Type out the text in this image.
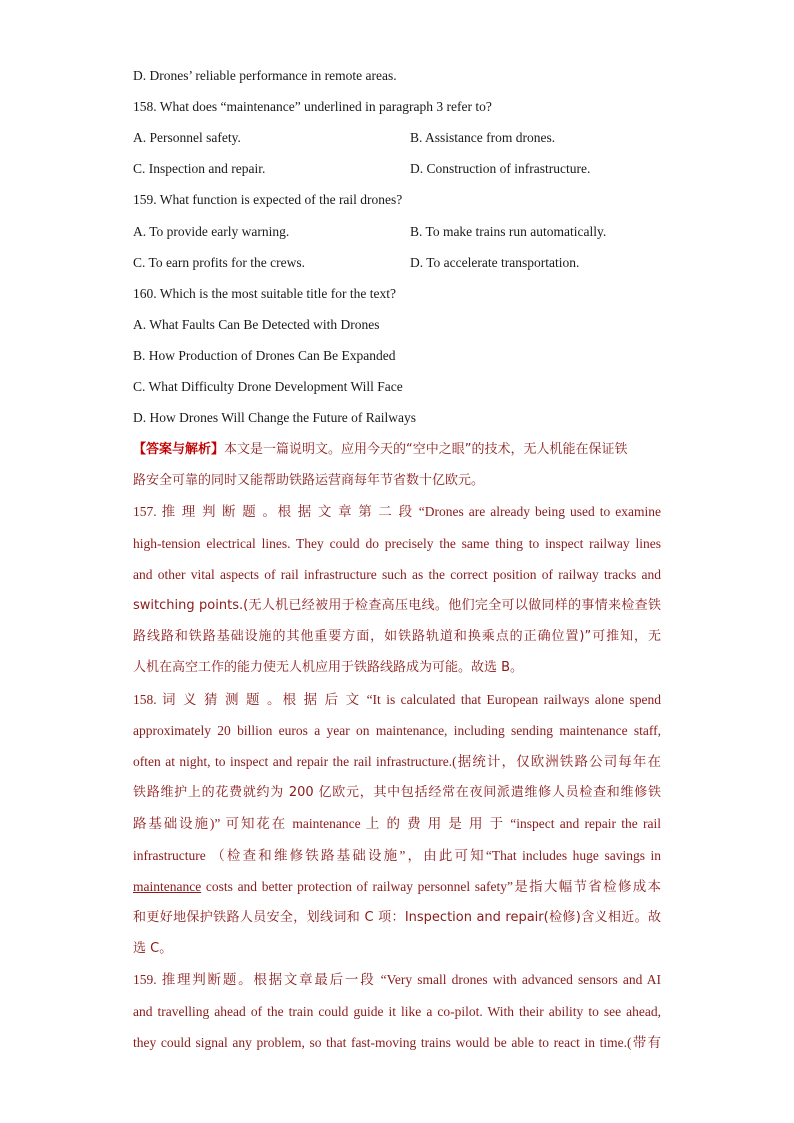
D. Drones’ reliable performance in remote areas.
158. What does “maintenance” underlined in paragraph 3 refer to?
A. Personnel safety.	B. Assistance from drones.
C. Inspection and repair.	D. Construction of infrastructure.
159. What function is expected of the rail drones?
A. To provide early warning.	B. To make trains run automatically.
C. To earn profits for the crews.	D. To accelerate transportation.
160. Which is the most suitable title for the text?
A. What Faults Can Be Detected with Drones
B. How Production of Drones Can Be Expanded
C. What Difficulty Drone Development Will Face
D. How Drones Will Change the Future of Railways
【答案与解析】本文是一篇说明文。应用今天的“空中之眼”的技术，无人机能在保证铁
路安全可靠的同时又能帮助铁路运营商每年节省数十亿欧元。
157. 推 理 判 断 题 。根 据 文 章 第 二 段 “Drones are already being used to examine
high-tension electrical lines. They could do precisely the same thing to inspect railway lines
and other vital aspects of rail infrastructure such as the correct position of railway tracks and
switching points.(无人机已经被用于检查高压电线。他们完全可以做同样的事情来检查铁
路线路和铁路基础设施的其他重要方面，如铁路轨道和换乘点的正确位置)”可推知，无
人机在高空工作的能力使无人机应用于铁路线路成为可能。故选 B。
158. 词 义 猜 测 题 。根 据 后 文 “It is calculated that European railways alone spend
approximately 20 billion euros a year on maintenance, including sending maintenance staff,
often at night, to inspect and repair the rail infrastructure.(据统计，仅欧洲铁路公司每年在
铁路维护上的花费就约为 200 亿欧元，其中包括经常在夜间派遣维修人员检查和维修铁
路基础设施)” 可知花在 maintenance 上 的 费 用 是 用 于 “inspect and repair the rail
infrastructure （检查和维修铁路基础设施”，由此可知“That includes huge savings in
maintenance costs and better protection of railway personnel safety”是指大幅节省检修成本
和更好地保护铁路人员安全，划线词和 C 项：Inspection and repair(检修)含义相近。故
选 C。
159. 推理判断题。根据文章最后一段 “Very small drones with advanced sensors and AI
and travelling ahead of the train could guide it like a co-pilot. With their ability to see ahead,
they could signal any problem, so that fast-moving trains would be able to react in time.(带有
